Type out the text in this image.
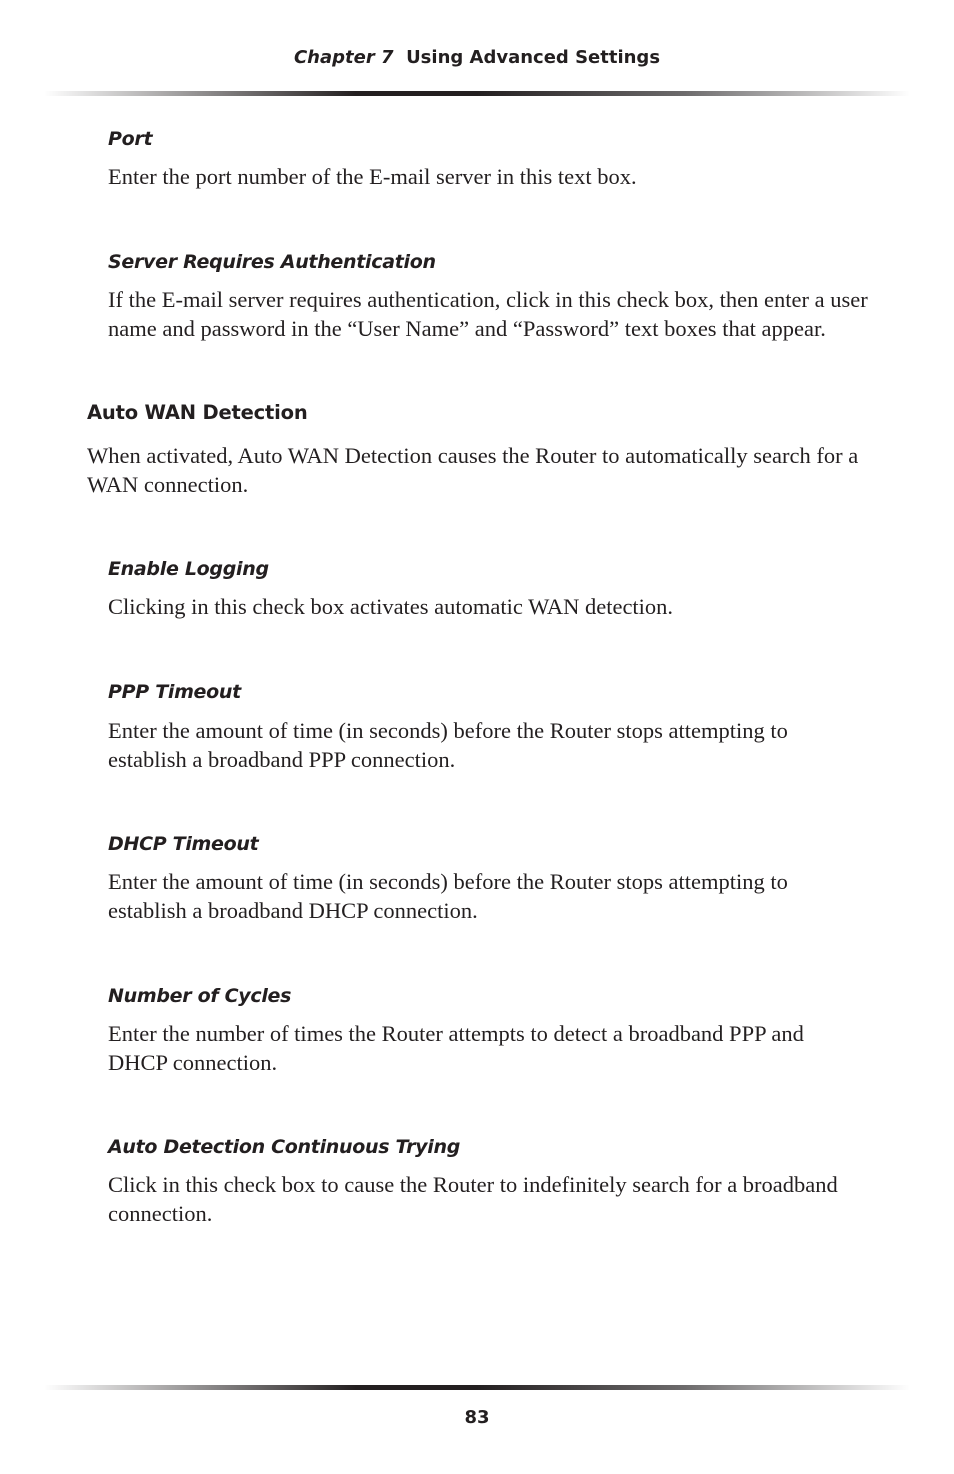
Chapter 7 Using Advanced Settings
Port
Enter the port number of the E-mail server in this text box.
Server Requires Authentication
If the E-mail server requires authentication, click in this check box, then enter a user name and password in the “User Name” and “Password” text boxes that appear.
Auto WAN Detection
When activated, Auto WAN Detection causes the Router to automatically search for a WAN connection.
Enable Logging
Clicking in this check box activates automatic WAN detection.
PPP Timeout
Enter the amount of time (in seconds) before the Router stops attempting to establish a broadband PPP connection.
DHCP Timeout
Enter the amount of time (in seconds) before the Router stops attempting to establish a broadband DHCP connection.
Number of Cycles
Enter the number of times the Router attempts to detect a broadband PPP and DHCP connection.
Auto Detection Continuous Trying
Click in this check box to cause the Router to indefinitely search for a broadband connection.
83
